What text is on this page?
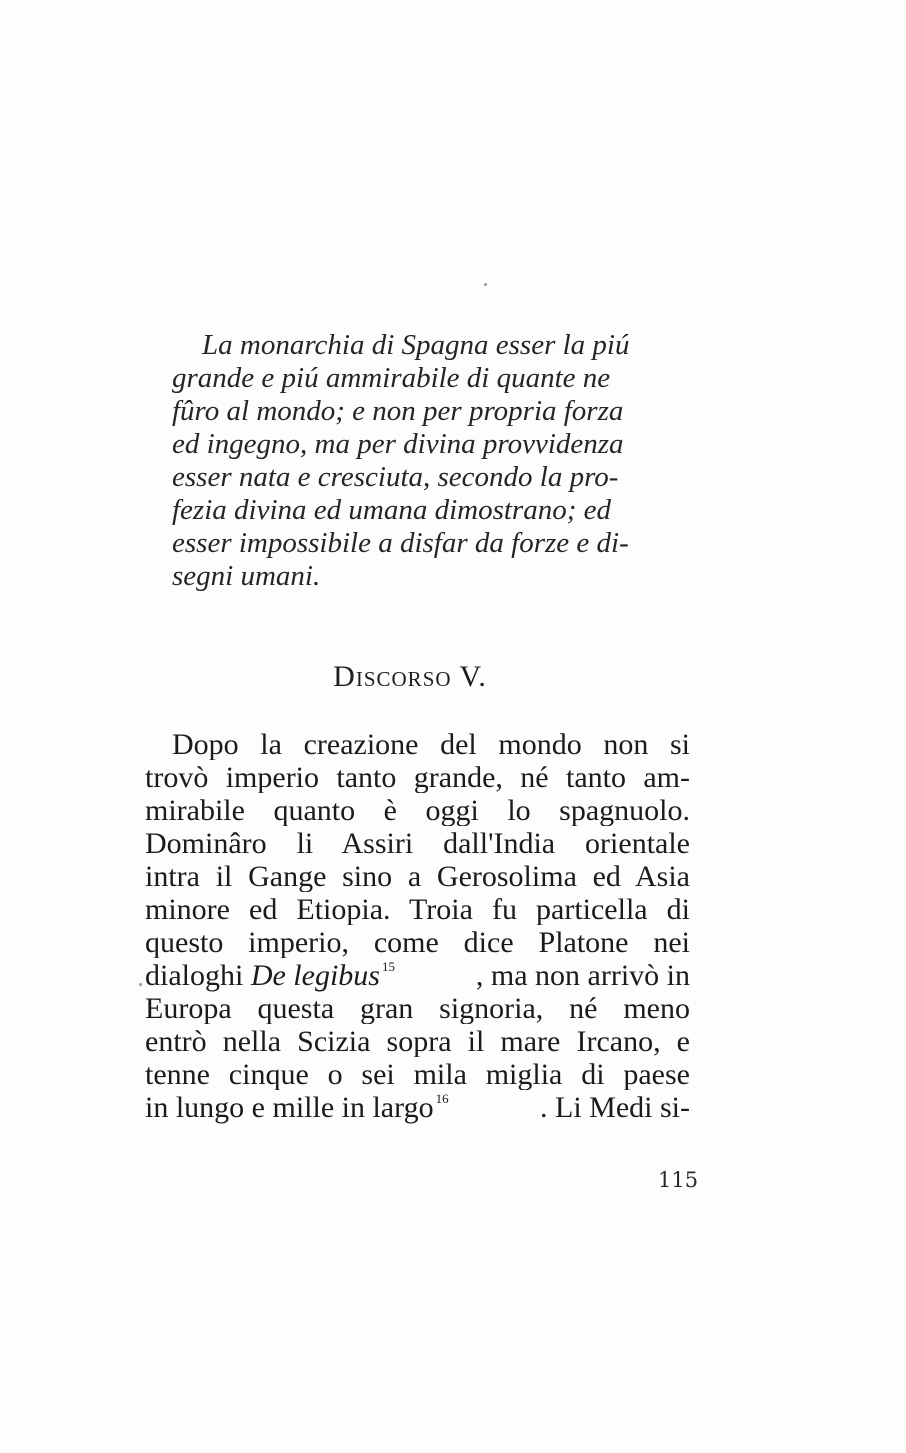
La monarchia di Spagna esser la piú
grande e piú ammirabile di quante ne
fûro al mondo; e non per propria forza
ed ingegno, ma per divina provvidenza
esser nata e cresciuta, secondo la pro-
fezia divina ed umana dimostrano; ed
esser impossibile a disfar da forze e di-
segni umani.
Discorso V.
Dopo la creazione del mondo non si
trovò imperio tanto grande, né tanto am-
mirabile quanto è oggi lo spagnuolo.
Dominâro li Assiri dall'India orientale
intra il Gange sino a Gerosolima ed Asia
minore ed Etiopia. Troia fu particella di
questo imperio, come dice Platone nei
dialoghi De legibus $^{15}$	, ma non arrivò in
Europa questa gran signoria, né meno
entrò nella Scizia sopra il mare Ircano, e
tenne cinque o sei mila miglia di paese
in lungo e mille in largo $^{16}$	. Li Medi si-
115
